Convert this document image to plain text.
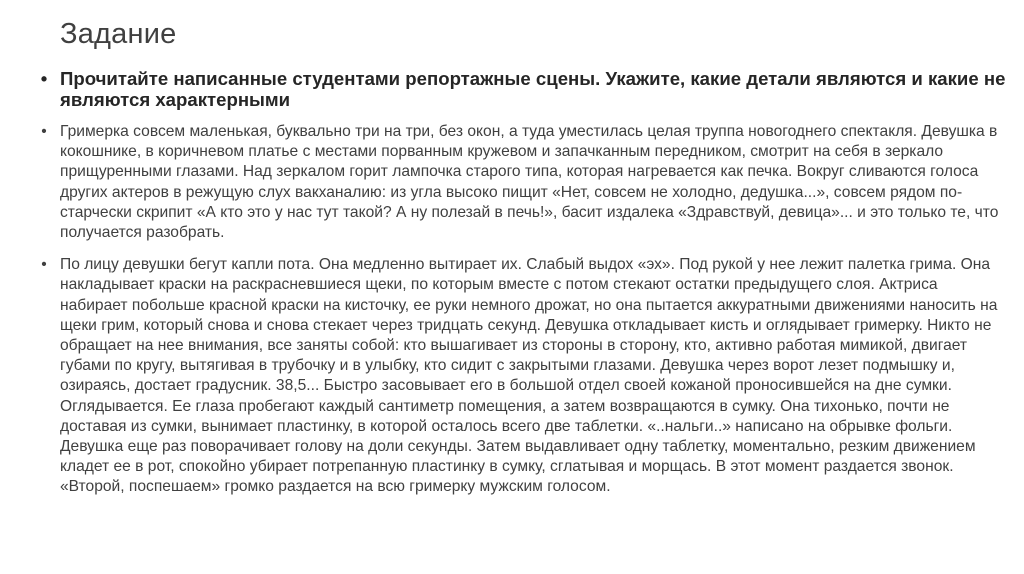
Задание
• Прочитайте написанные студентами репортажные сцены. Укажите, какие детали являются и какие не являются характерными
• Гримерка совсем маленькая, буквально три на три, без окон, а туда уместилась целая труппа новогоднего спектакля. Девушка в кокошнике, в коричневом платье с местами порванным кружевом и запачканным передником, смотрит на себя в зеркало прищуренными глазами. Над зеркалом горит лампочка старого типа, которая нагревается как печка. Вокруг сливаются голоса других актеров в режущую слух вакханалию: из угла высоко пищит «Нет, совсем не холодно, дедушка...», совсем рядом по-старчески скрипит «А кто это у нас тут такой? А ну полезай в печь!», басит издалека «Здравствуй, девица»... и это только те, что получается разобрать.
• По лицу девушки бегут капли пота. Она медленно вытирает их. Слабый выдох «эх». Под рукой у нее лежит палетка грима. Она накладывает краски на раскрасневшиеся щеки, по которым вместе с потом стекают остатки предыдущего слоя. Актриса набирает побольше красной краски на кисточку, ее руки немного дрожат, но она пытается аккуратными движениями наносить на щеки грим, который снова и снова стекает через тридцать секунд. Девушка откладывает кисть и оглядывает гримерку. Никто не обращает на нее внимания, все заняты собой: кто вышагивает из стороны в сторону, кто, активно работая мимикой, двигает губами по кругу, вытягивая в трубочку и в улыбку, кто сидит с закрытыми глазами. Девушка через ворот лезет подмышку и, озираясь, достает градусник. 38,5... Быстро засовывает его в большой отдел своей кожаной проносившейся на дне сумки. Оглядывается. Ее глаза пробегают каждый сантиметр помещения, а затем возвращаются в сумку. Она тихонько, почти не доставая из сумки, вынимает пластинку, в которой осталось всего две таблетки. «..нальги..» написано на обрывке фольги. Девушка еще раз поворачивает голову на доли секунды. Затем выдавливает одну таблетку, моментально, резким движением кладет ее в рот, спокойно убирает потрепанную пластинку в сумку, сглатывая и морщась. В этот момент раздается звонок. «Второй, поспешаем» громко раздается на всю гримерку мужским голосом.
